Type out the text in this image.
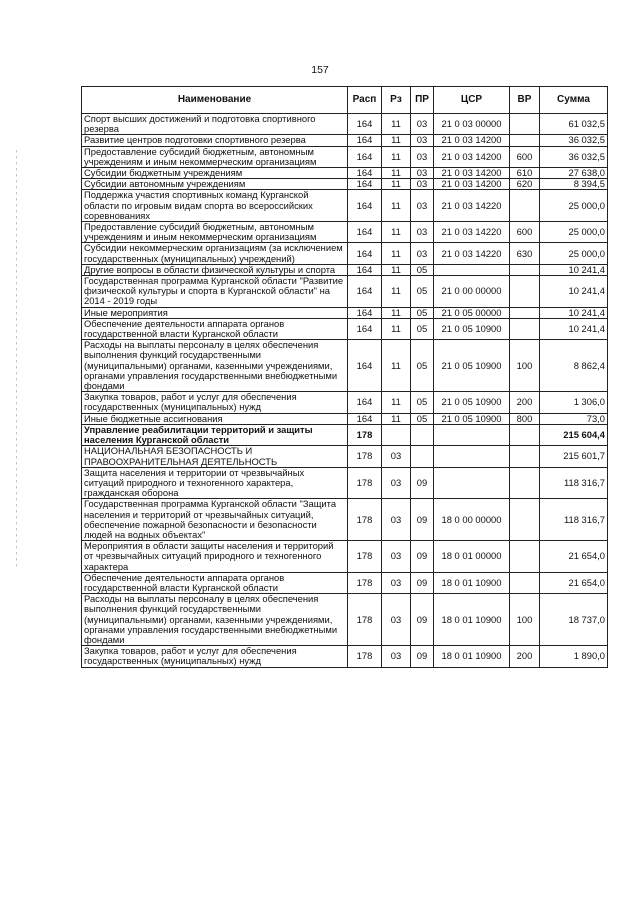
157
Наименование	Расп	Рз	ПР	ЦСР	ВР	Сумма
Спорт высших достижений и подготовка спортивного резерва	164	11	03	21 0 03 00000		61 032,5
Развитие центров подготовки спортивного резерва	164	11	03	21 0 03 14200		36 032,5
Предоставление субсидий бюджетным, автономным учреждениям и иным некоммерческим организациям	164	11	03	21 0 03 14200	600	36 032,5
Субсидии бюджетным учреждениям	164	11	03	21 0 03 14200	610	27 638,0
Субсидии автономным учреждениям	164	11	03	21 0 03 14200	620	8 394,5
Поддержка участия спортивных команд Курганской области по игровым видам спорта во всероссийских соревнованиях	164	11	03	21 0 03 14220		25 000,0
Предоставление субсидий бюджетным, автономным учреждениям и иным некоммерческим организациям	164	11	03	21 0 03 14220	600	25 000,0
Субсидии некоммерческим организациям (за исключением государственных (муниципальных) учреждений)	164	11	03	21 0 03 14220	630	25 000,0
Другие вопросы в области физической культуры и спорта	164	11	05			10 241,4
Государственная программа Курганской области "Развитие физической культуры и спорта в Курганской области" на 2014 - 2019 годы	164	11	05	21 0 00 00000		10 241,4
Иные мероприятия	164	11	05	21 0 05 00000		10 241,4
Обеспечение деятельности аппарата органов государственной власти Курганской области	164	11	05	21 0 05 10900		10 241,4
Расходы на выплаты персоналу в целях обеспечения выполнения функций государственными (муниципальными) органами, казенными учреждениями, органами управления государственными внебюджетными фондами	164	11	05	21 0 05 10900	100	8 862,4
Закупка товаров, работ и услуг для обеспечения государственных (муниципальных) нужд	164	11	05	21 0 05 10900	200	1 306,0
Иные бюджетные ассигнования	164	11	05	21 0 05 10900	800	73,0
Управление реабилитации территорий и защиты населения Курганской области	178					215 604,4
НАЦИОНАЛЬНАЯ БЕЗОПАСНОСТЬ И ПРАВООХРАНИТЕЛЬНАЯ ДЕЯТЕЛЬНОСТЬ	178	03				215 601,7
Защита населения и территории от чрезвычайных ситуаций природного и техногенного характера, гражданская оборона	178	03	09			118 316,7
Государственная программа Курганской области "Защита населения и территорий от чрезвычайных ситуаций, обеспечение пожарной безопасности и безопасности людей на водных объектах"	178	03	09	18 0 00 00000		118 316,7
Мероприятия в области защиты населения и территорий от чрезвычайных ситуаций природного и техногенного характера	178	03	09	18 0 01 00000		21 654,0
Обеспечение деятельности аппарата органов государственной власти Курганской области	178	03	09	18 0 01 10900		21 654,0
Расходы на выплаты персоналу в целях обеспечения выполнения функций государственными (муниципальными) органами, казенными учреждениями, органами управления государственными внебюджетными фондами	178	03	09	18 0 01 10900	100	18 737,0
Закупка товаров, работ и услуг для обеспечения государственных (муниципальных) нужд	178	03	09	18 0 01 10900	200	1 890,0
